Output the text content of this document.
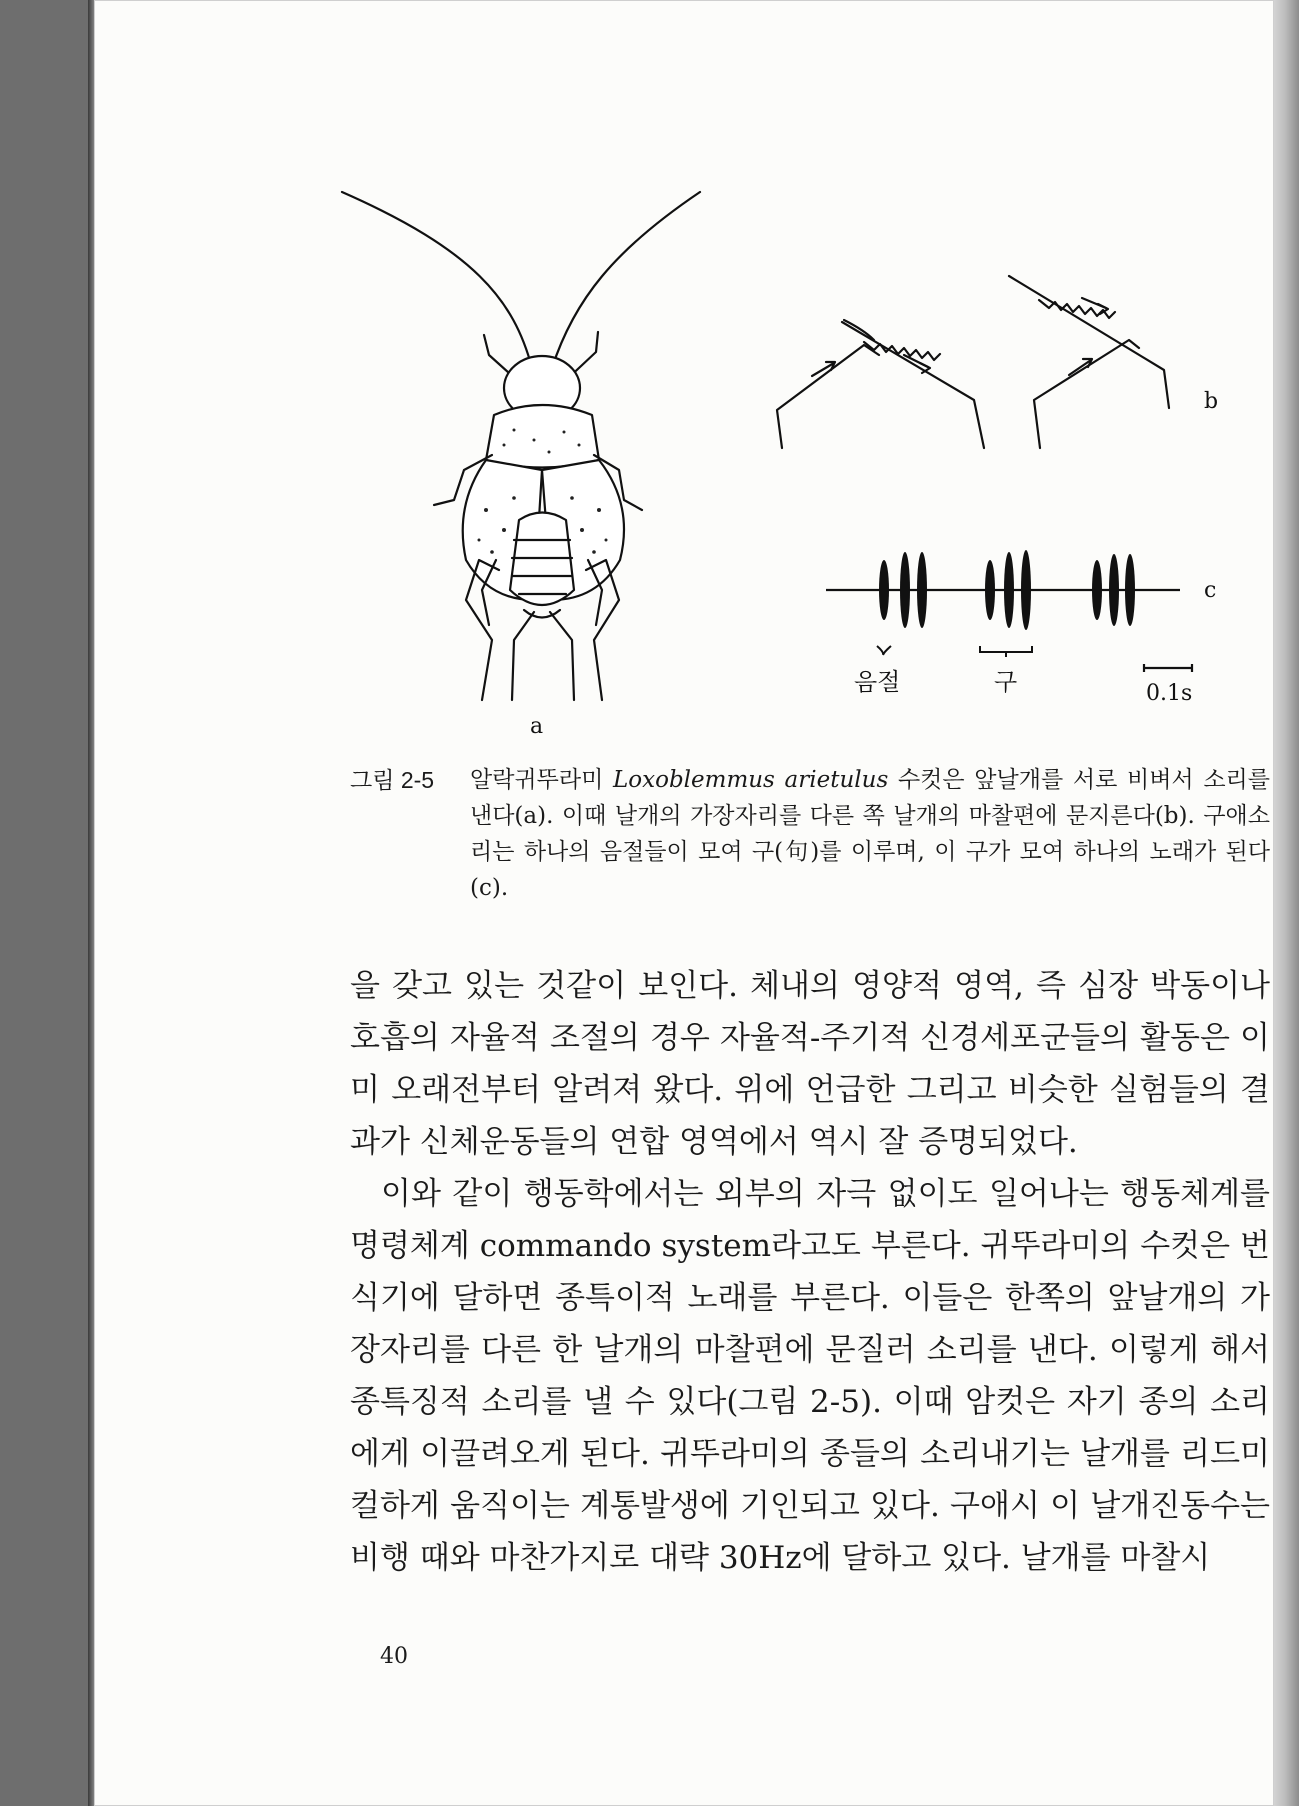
a
b
음절	구	0.1s
c
그림 2-5	알락귀뚜라미 Loxoblemmus arietulus 수컷은 앞날개를 서로 비벼서 소리를 낸다(a). 이때 날개의 가장자리를 다른 쪽 날개의 마찰편에 문지른다(b). 구애소리는 하나의 음절들이 모여 구(句)를 이루며, 이 구가 모여 하나의 노래가 된다(c).

을 갖고 있는 것같이 보인다. 체내의 영양적 영역, 즉 심장 박동이나 호흡의 자율적 조절의 경우 자율적-주기적 신경세포군들의 활동은 이미 오래전부터 알려져 왔다. 위에 언급한 그리고 비슷한 실험들의 결과가 신체운동들의 연합 영역에서 역시 잘 증명되었다.

이와 같이 행동학에서는 외부의 자극 없이도 일어나는 행동체계를 명령체계 commando system라고도 부른다. 귀뚜라미의 수컷은 번식기에 달하면 종특이적 노래를 부른다. 이들은 한쪽의 앞날개의 가장자리를 다른 한 날개의 마찰편에 문질러 소리를 낸다. 이렇게 해서 종특징적 소리를 낼 수 있다(그림 2-5). 이때 암컷은 자기 종의 소리에게 이끌려오게 된다. 귀뚜라미의 종들의 소리내기는 날개를 리드미컬하게 움직이는 계통발생에 기인되고 있다. 구애시 이 날개진동수는 비행 때와 마찬가지로 대략 30Hz에 달하고 있다. 날개를 마찰시

40
